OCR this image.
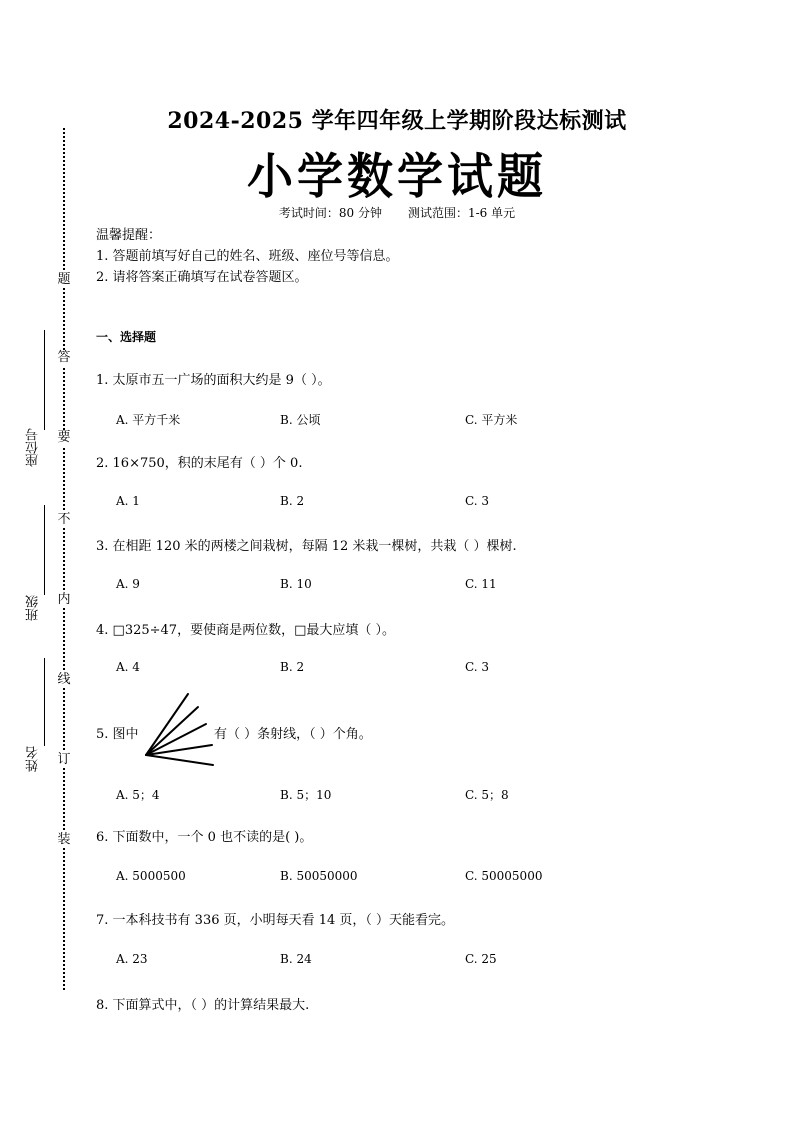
题
答
要
不
内
线
订
装
座位号
班级
姓名
2024-2025 学年四年级上学期阶段达标测试
小学数学试题
考试时间：80 分钟 测试范围：1-6 单元
温馨提醒：
1. 答题前填写好自己的姓名、班级、座位号等信息。
2. 请将答案正确填写在试卷答题区。
一、选择题
1. 太原市五一广场的面积大约是 9（ ）。
A. 平方千米	B. 公顷	C. 平方米
2. 16×750，积的末尾有（ ）个 0.
A. 1	B. 2	C. 3
3. 在相距 120 米的两楼之间栽树，每隔 12 米栽一棵树，共栽（ ）棵树.
A. 9	B. 10	C. 11
4. □325÷47，要使商是两位数，□最大应填（ ）。
A. 4	B. 2	C. 3
5. 图中	有（ ）条射线，（ ）个角。
A. 5；4	B. 5；10	C. 5；8
6. 下面数中，一个 0 也不读的是( )。
A. 5000500	B. 50050000	C. 50005000
7. 一本科技书有 336 页，小明每天看 14 页，（ ）天能看完。
A. 23	B. 24	C. 25
8. 下面算式中，（ ）的计算结果最大.
